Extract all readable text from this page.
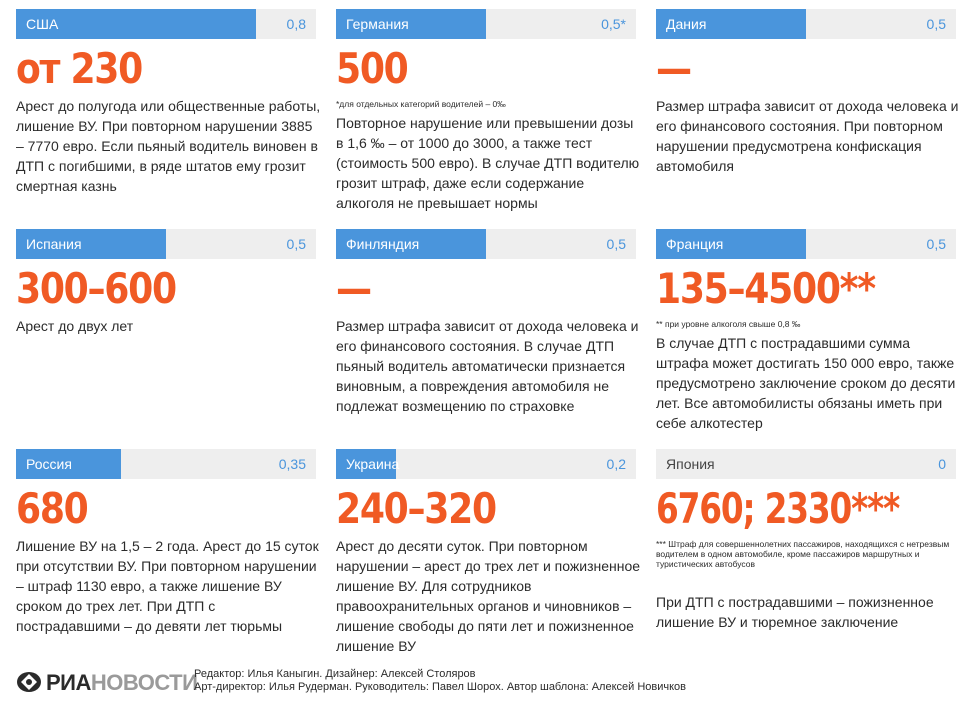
США	0,8
от 230
Арест до полугода или общественные работы, лишение ВУ. При повторном нарушении 3885 – 7770 евро. Если пьяный водитель виновен в ДТП с погибшими, в ряде штатов ему грозит смертная казнь
Германия	0,5*
500
*для отдельных категорий водителей – 0‰
Повторное нарушение или превышении дозы в 1,6 ‰ – от 1000 до 3000, а также тест (стоимость 500 евро). В случае ДТП водителю грозит штраф, даже если содержание алкоголя не превышает нормы
Дания	0,5
—
Размер штрафа зависит от дохода человека и его финансового состояния. При повторном нарушении предусмотрена конфискация автомобиля
Испания	0,5
300–600
Арест до двух лет
Финляндия	0,5
—
Размер штрафа зависит от дохода человека и его финансового состояния. В случае ДТП пьяный водитель автоматически признается виновным, а повреждения автомобиля не подлежат возмещению по страховке
Франция	0,5
135–4500**
** при уровне алкоголя свыше 0,8 ‰
В случае ДТП с пострадавшими сумма штрафа может достигать 150 000 евро, также предусмотрено заключение сроком до десяти лет. Все автомобилисты обязаны иметь при себе алкотестер
Россия	0,35
680
Лишение ВУ на 1,5 – 2 года. Арест до 15 суток при отсутствии ВУ. При повторном нарушении – штраф 1130 евро, а также лишение ВУ сроком до трех лет. При ДТП с пострадавшими – до девяти лет тюрьмы
Украина	0,2
240–320
Арест до десяти суток. При повторном нарушении – арест до трех лет и пожизненное лишение ВУ. Для сотрудников правоохранительных органов и чиновников – лишение свободы до пяти лет и пожизненное лишение ВУ
Япония	0
6760; 2330***
*** Штраф для совершеннолетних пассажиров, находящихся с нетрезвым водителем в одном автомобиле, кроме пассажиров маршрутных и туристических автобусов
При ДТП с пострадавшими – пожизненное лишение ВУ и тюремное заключение
РИАНОВОСТИ
Редактор: Илья Каныгин. Дизайнер: Алексей Столяров
Арт-директор: Илья Рудерман. Руководитель: Павел Шорох. Автор шаблона: Алексей Новичков
